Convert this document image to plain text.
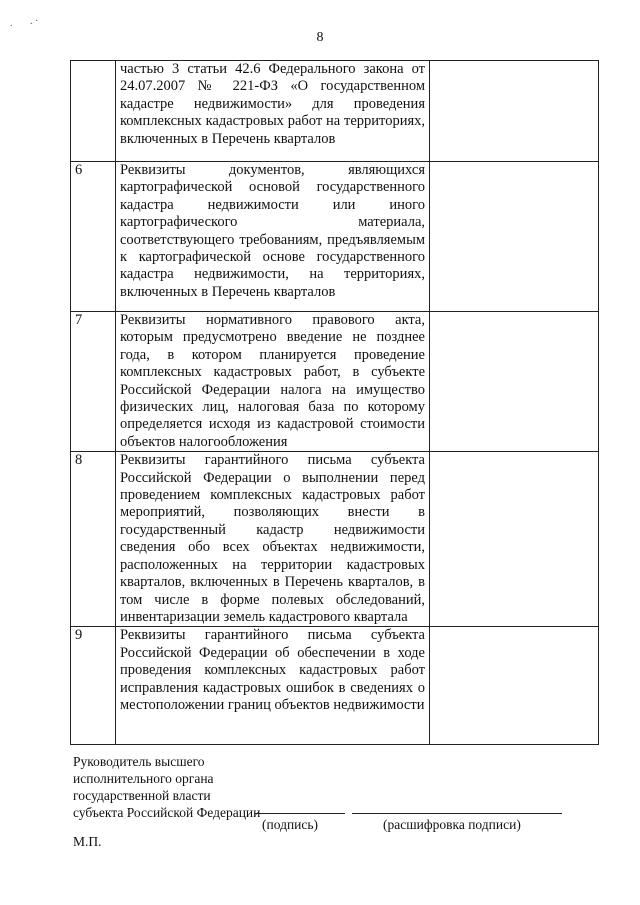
8
. . ·

	частью 3 статьи 42.6 Федерального закона от 24.07.2007 № 221-ФЗ «О государственном кадастре недвижимости» для проведения комплексных кадастровых работ на территориях, включенных в Перечень кварталов	

6	Реквизиты документов, являющихся картографической основой государственного кадастра недвижимости или иного картографического материала, соответствующего требованиям, предъявляемым к картографической основе государственного кадастра недвижимости, на территориях, включенных в Перечень кварталов	

7	Реквизиты нормативного правового акта, которым предусмотрено введение не позднее года, в котором планируется проведение комплексных кадастровых работ, в субъекте Российской Федерации налога на имущество физических лиц, налоговая база по которому определяется исходя из кадастровой стоимости объектов налогообложения	

8	Реквизиты гарантийного письма субъекта Российской Федерации о выполнении перед проведением комплексных кадастровых работ мероприятий, позволяющих внести в государственный кадастр недвижимости сведения обо всех объектах недвижимости, расположенных на территории кадастровых кварталов, включенных в Перечень кварталов, в том числе в форме полевых обследований, инвентаризации земель кадастрового квартала	

9	Реквизиты гарантийного письма субъекта Российской Федерации об обеспечении в ходе проведения комплексных кадастровых работ исправления кадастровых ошибок в сведениях о местоположении границ объектов недвижимости	

Руководитель высшего
исполнительного органа
государственной власти
субъекта Российской Федерации
(подпись)	(расшифровка подписи)
М.П.
